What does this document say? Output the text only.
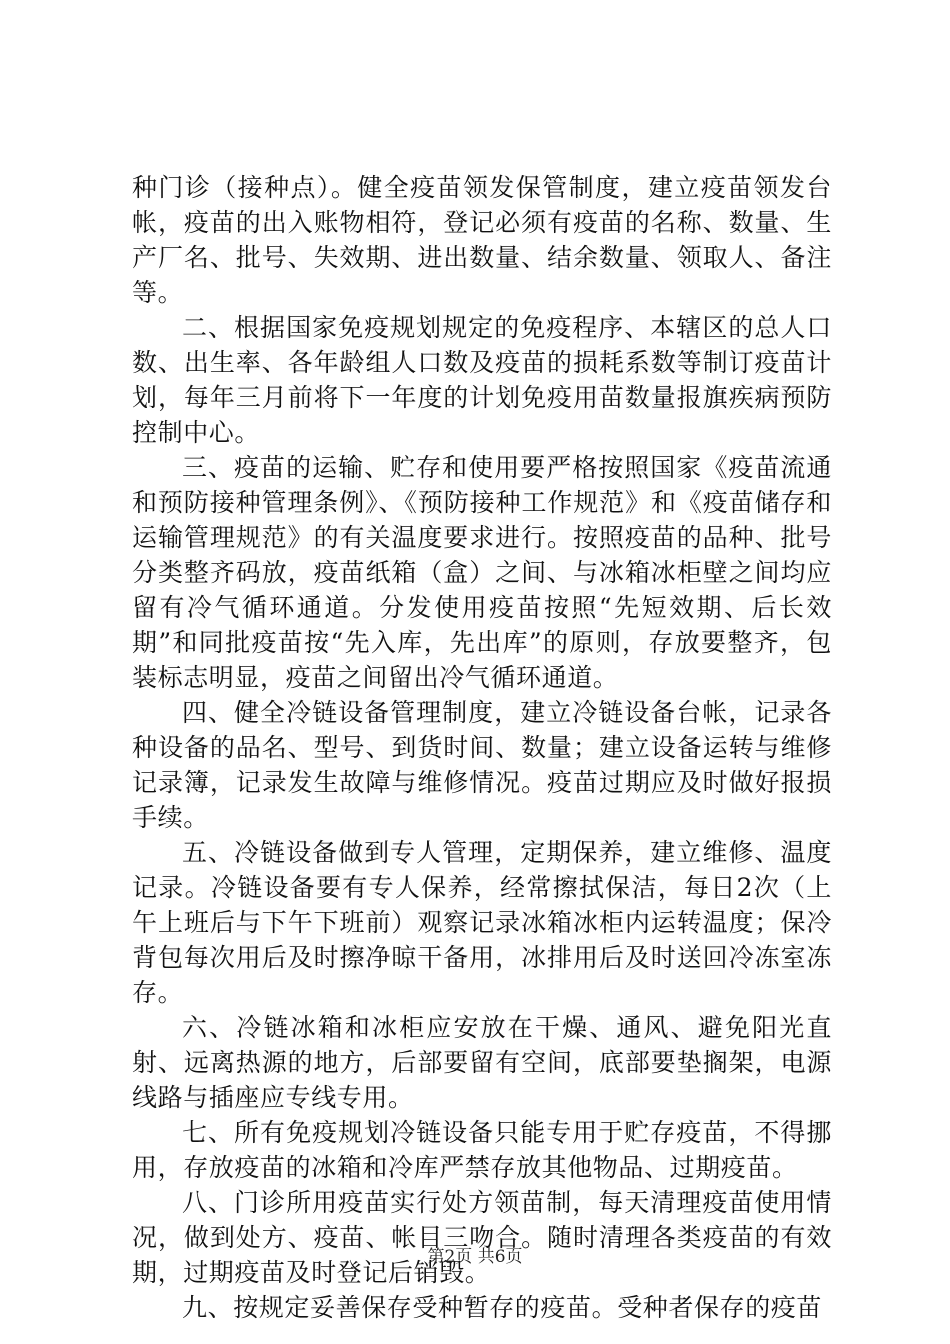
种门诊（接种点）。健全疫苗领发保管制度，建立疫苗领发台帐，疫苗的出入账物相符，登记必须有疫苗的名称、数量、生产厂名、批号、失效期、进出数量、结余数量、领取人、备注等。

二、根据国家免疫规划规定的免疫程序、本辖区的总人口数、出生率、各年龄组人口数及疫苗的损耗系数等制订疫苗计划，每年三月前将下一年度的计划免疫用苗数量报旗疾病预防控制中心。

三、疫苗的运输、贮存和使用要严格按照国家《疫苗流通和预防接种管理条例》、《预防接种工作规范》和《疫苗储存和运输管理规范》的有关温度要求进行。按照疫苗的品种、批号分类整齐码放，疫苗纸箱（盒）之间、与冰箱冰柜壁之间均应留有冷气循环通道。分发使用疫苗按照“先短效期、后长效期”和同批疫苗按“先入库，先出库”的原则，存放要整齐，包装标志明显，疫苗之间留出冷气循环通道。

四、健全冷链设备管理制度，建立冷链设备台帐，记录各种设备的品名、型号、到货时间、数量；建立设备运转与维修记录簿，记录发生故障与维修情况。疫苗过期应及时做好报损手续。

五、冷链设备做到专人管理，定期保养，建立维修、温度记录。冷链设备要有专人保养，经常擦拭保洁，每日2次（上午上班后与下午下班前）观察记录冰箱冰柜内运转温度；保冷背包每次用后及时擦净晾干备用，冰排用后及时送回冷冻室冻存。

六、冷链冰箱和冰柜应安放在干燥、通风、避免阳光直射、远离热源的地方，后部要留有空间，底部要垫搁架，电源线路与插座应专线专用。

七、所有免疫规划冷链设备只能专用于贮存疫苗，不得挪用，存放疫苗的冰箱和冷库严禁存放其他物品、过期疫苗。

八、门诊所用疫苗实行处方领苗制，每天清理疫苗使用情况，做到处方、疫苗、帐目三吻合。随时清理各类疫苗的有效期，过期疫苗及时登记后销毁。

九、按规定妥善保存受种暂存的疫苗。受种者保存的疫苗

第2页 共6页
